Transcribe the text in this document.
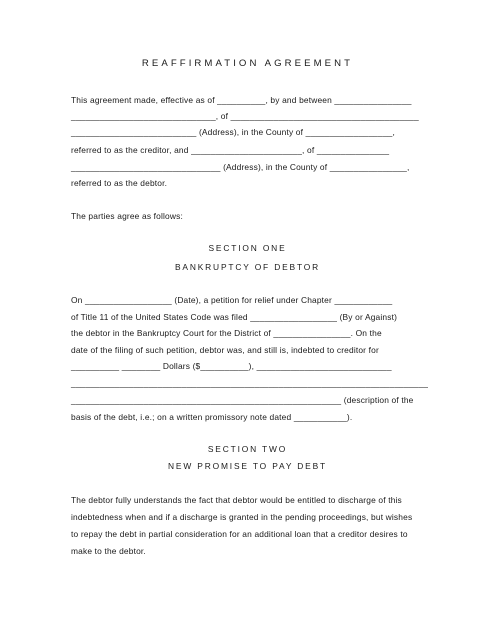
REAFFIRMATION AGREEMENT
This agreement made, effective as of __________, by and between ________________
______________________________, of _______________________________________
__________________________ (Address), in the County of __________________,
referred to as the creditor, and _______________________, of _______________
_______________________________ (Address), in the County of ________________,
referred to as the debtor.
The parties agree as follows:
SECTION ONE
BANKRUPTCY OF DEBTOR
On __________________ (Date), a petition for relief under Chapter ____________
of Title 11 of the United States Code was filed __________________ (By or Against)
the debtor in the Bankruptcy Court for the District of ________________. On the
date of the filing of such petition, debtor was, and still is, indebted to creditor for
__________ ________ Dollars ($__________), ____________________________
__________________________________________________________________________
________________________________________________________ (description of the
basis of the debt, i.e.; on a written promissory note dated ___________).
SECTION TWO
NEW PROMISE TO PAY DEBT
The debtor fully understands the fact that debtor would be entitled to discharge of this
indebtedness when and if a discharge is granted in the pending proceedings, but wishes
to repay the debt in partial consideration for an additional loan that a creditor desires to
make to the debtor.
